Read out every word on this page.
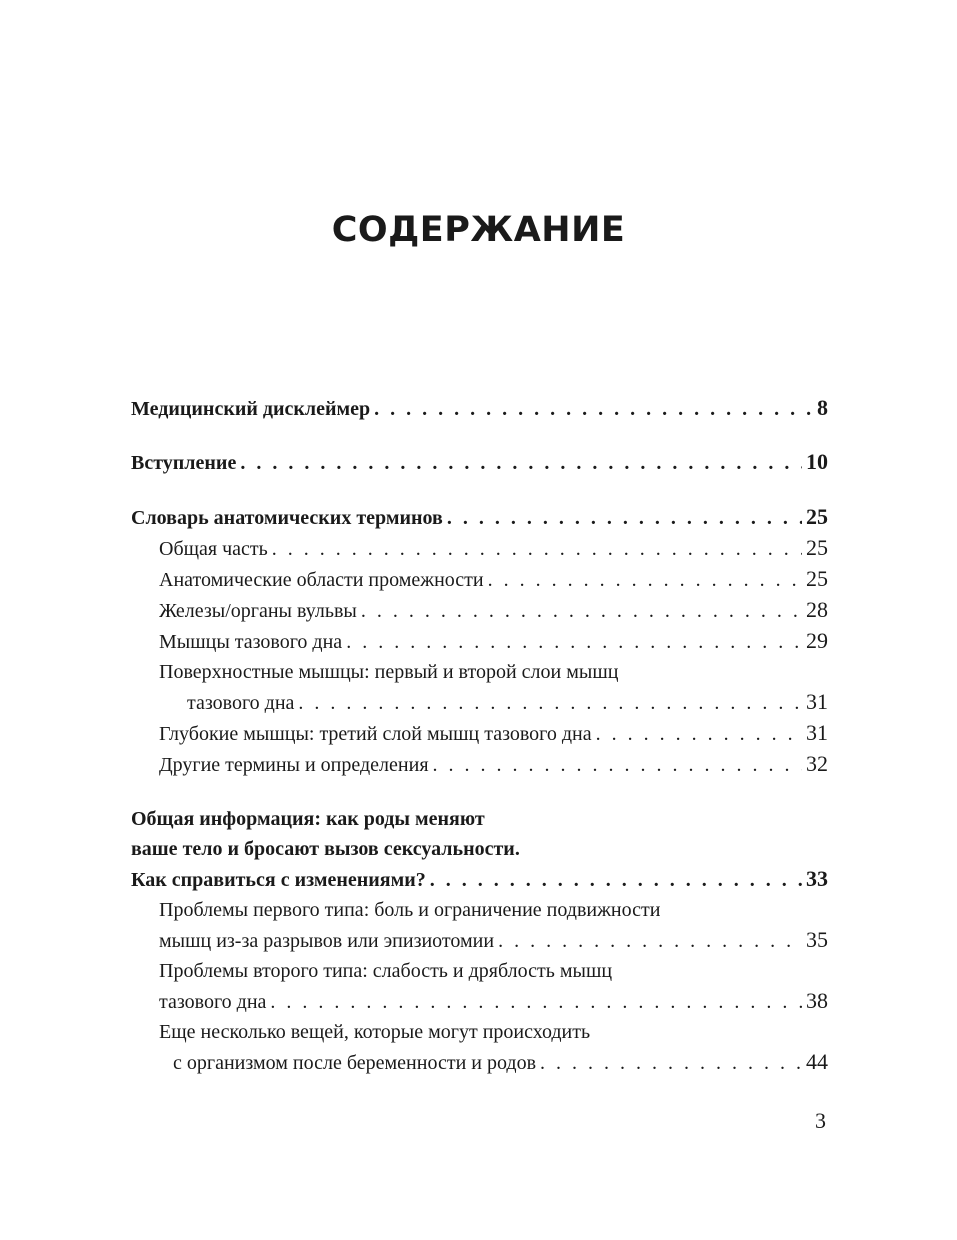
СОДЕРЖАНИЕ
Медицинский дисклеймер . . .	8
Вступление . . .	10
Словарь анатомических терминов . . .	25
Общая часть . . .	25
Анатомические области промежности . . .	25
Железы/органы вульвы . . .	28
Мышцы тазового дна . . .	29
Поверхностные мышцы: первый и второй слои мышц
тазового дна . . .	31
Глубокие мышцы: третий слой мышц тазового дна . . .	31
Другие термины и определения . . .	32
Общая информация: как роды меняют
ваше тело и бросают вызов сексуальности.
Как справиться с изменениями? . . .	33
Проблемы первого типа: боль и ограничение подвижности
мышц из-за разрывов или эпизиотомии . . .	35
Проблемы второго типа: слабость и дряблость мышц
тазового дна . . .	38
Еще несколько вещей, которые могут происходить
с организмом после беременности и родов . . .	44
3
